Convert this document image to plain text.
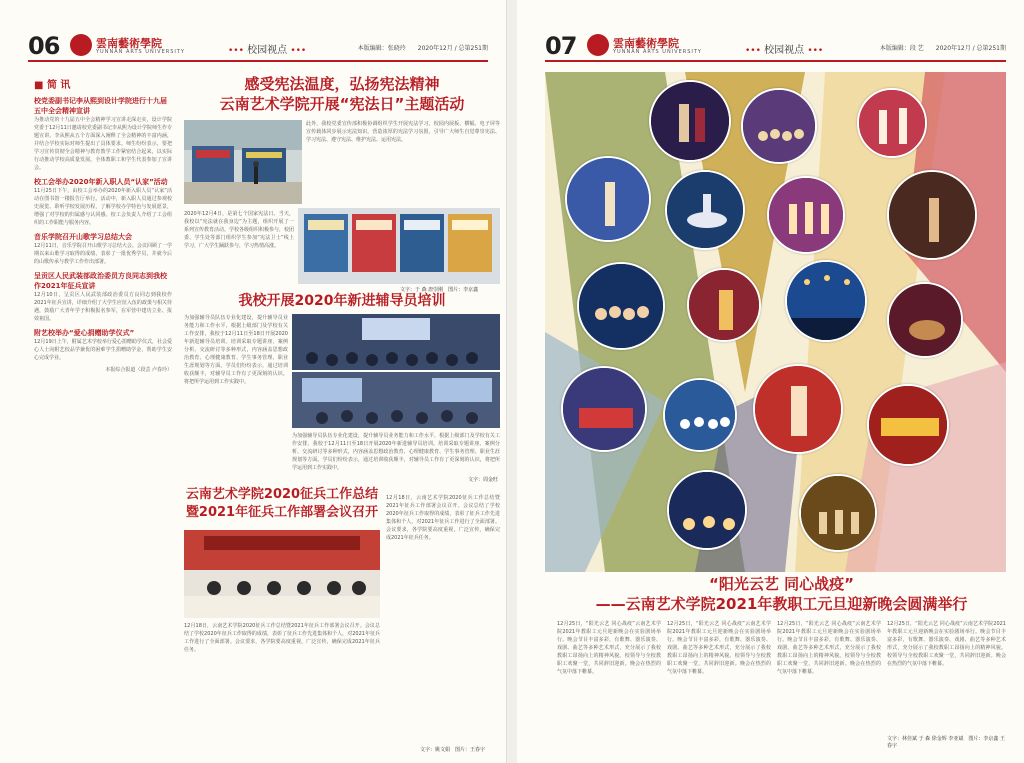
06	雲南藝術學院
YUNNAN ARTS UNIVERSITY	••• 校园视点 •••	本版编辑：张晓玲　　2020年12月 / 总第251期
■ 简 讯
校党委副书记李从熙到设计学院进行十九届五中全会精神宣讲
为推动党的十九届五中全会精神学习宣讲走深走实，设计学院党委于12月11日邀请校党委副书记李从熙为设计学院师生作专题宣讲。李从熙从五个方面深入阐释了全会精神的丰富内涵，并结合学校实际对师生提出了具体要求。师生纷纷表示，要把学习宣传贯彻全会精神与教育教学工作紧密结合起来，以实际行动推动学校高质量发展。全体教职工和学生代表参加了宣讲会。
校工会举办2020年新入职人员“认家”活动
11月25日下午，由校工会举办的2020年新入职人员“认家”活动在图书馆一楼报告厅举行。活动中，新入职人员通过参观校史展览、聆听学校发展历程，了解学校办学特色与发展愿景，增强了对学校的归属感与认同感。校工会负责人介绍了工会组织的工作职能与服务内容。
音乐学院召开山歌学习总结大会
12月11日，音乐学院召开山歌学习总结大会。会议回顾了一学期以来山歌学习取得的成绩，表彰了一批优秀学员，并就今后的山歌传承与教学工作作出部署。
呈贡区人民武装部政治委员方良同志到我校作2021年征兵宣讲
12月10日，呈贡区人民武装部政治委员方良同志到我校作2021年征兵宣讲，详细介绍了大学生应征入伍的政策与相关待遇，鼓励广大青年学子积极报名参军，在军营中建功立业、报效祖国。
附艺校举办“爱心捐赠助学仪式”
12月19日上午，附属艺术学校举行爱心捐赠助学仪式，社会爱心人士向附艺校品学兼优的困难学生捐赠助学金，帮助学生安心完成学业。
本报综合报道（段芸 卢春玲）
感受宪法温度，弘扬宪法精神
云南艺术学院开展“宪法日”主题活动
此外，我校党委宣传部积极协调组织学生开展宪法学习，校园内展板、横幅、电子屏等宣传载体同步展示宪法知识，营造浓厚的宪法学习氛围，引导广大师生自觉尊崇宪法、学习宪法、遵守宪法、维护宪法、运用宪法。
2020年12月4日，是第七个国家宪法日。当天，我校以“宪法就在我身边”为主题，组织开展了一系列宣传教育活动。学校各级组织积极参与，校团委、学生处等部门组织学生参加“宪法卫士”线上学习，广大学生踊跃参与，学习热情高涨。
文字：于 森 唐崇刚　图片：李京鑫
我校开展2020年新进辅导员培训
为加强辅导员队伍专业化建设，提升辅导员业务能力和工作水平，根据上级部门及学校有关工作安排，我校于12月11日至18日开展2020年新进辅导员培训。培训采取专题讲座、案例分析、交流研讨等多种形式，内容涵盖思想政治教育、心理健康教育、学生事务管理、职业生涯规划等方面。学员们纷纷表示，通过培训收获颇丰，对辅导员工作有了更深刻的认识，将把所学运用到工作实践中。
为加强辅导员队伍专业化建设，提升辅导员业务能力和工作水平，根据上级部门及学校有关工作安排，我校于12月11日至18日开展2020年新进辅导员培训。培训采取专题讲座、案例分析、交流研讨等多种形式，内容涵盖思想政治教育、心理健康教育、学生事务管理、职业生涯规划等方面。学员们纷纷表示，通过培训收获颇丰，对辅导员工作有了更深刻的认识，将把所学运用到工作实践中。
文字：周金旺
云南艺术学院2020征兵工作总结
暨2021年征兵工作部署会议召开
12月18日，云南艺术学院2020征兵工作总结暨2021年征兵工作部署会议召开。会议总结了学校2020年征兵工作取得的成绩，表彰了征兵工作先进集体和个人，对2021年征兵工作进行了全面部署。会议要求，各学院要高度重视，广泛宣传，确保完成2021年征兵任务。
12月18日，云南艺术学院2020征兵工作总结暨2021年征兵工作部署会议召开。会议总结了学校2020年征兵工作取得的成绩，表彰了征兵工作先进集体和个人，对2021年征兵工作进行了全面部署。会议要求，各学院要高度重视，广泛宣传，确保完成2021年征兵任务。
文字：姚文娟　图片：王春宇
07	雲南藝術學院
YUNNAN ARTS UNIVERSITY	••• 校园视点 •••	本版编辑：段 艺　　2020年12月 / 总第251期
“阳光云艺 同心战疫”
——云南艺术学院2021年教职工元旦迎新晚会圆满举行
12月25日，“阳光云艺 同心战疫”云南艺术学院2021年教职工元旦迎新晚会在实验剧场举行。晚会节目丰富多彩，有歌舞、器乐演奏、戏剧、曲艺等多种艺术形式，充分展示了我校教职工昂扬向上的精神风貌。校领导与全校教职工欢聚一堂，共同辞旧迎新。晚会在热烈的气氛中落下帷幕。
12月25日，“阳光云艺 同心战疫”云南艺术学院2021年教职工元旦迎新晚会在实验剧场举行。晚会节目丰富多彩，有歌舞、器乐演奏、戏剧、曲艺等多种艺术形式，充分展示了我校教职工昂扬向上的精神风貌。校领导与全校教职工欢聚一堂，共同辞旧迎新。晚会在热烈的气氛中落下帷幕。
12月25日，“阳光云艺 同心战疫”云南艺术学院2021年教职工元旦迎新晚会在实验剧场举行。晚会节目丰富多彩，有歌舞、器乐演奏、戏剧、曲艺等多种艺术形式，充分展示了我校教职工昂扬向上的精神风貌。校领导与全校教职工欢聚一堂，共同辞旧迎新。晚会在热烈的气氛中落下帷幕。
12月25日，“阳光云艺 同心战疫”云南艺术学院2021年教职工元旦迎新晚会在实验剧场举行。晚会节目丰富多彩，有歌舞、器乐演奏、戏剧、曲艺等多种艺术形式，充分展示了我校教职工昂扬向上的精神风貌。校领导与全校教职工欢聚一堂，共同辞旧迎新。晚会在热烈的气氛中落下帷幕。
文字：林佳斌 于 森 徐金辉 李亚斌　图片：李京鑫 王春宇
